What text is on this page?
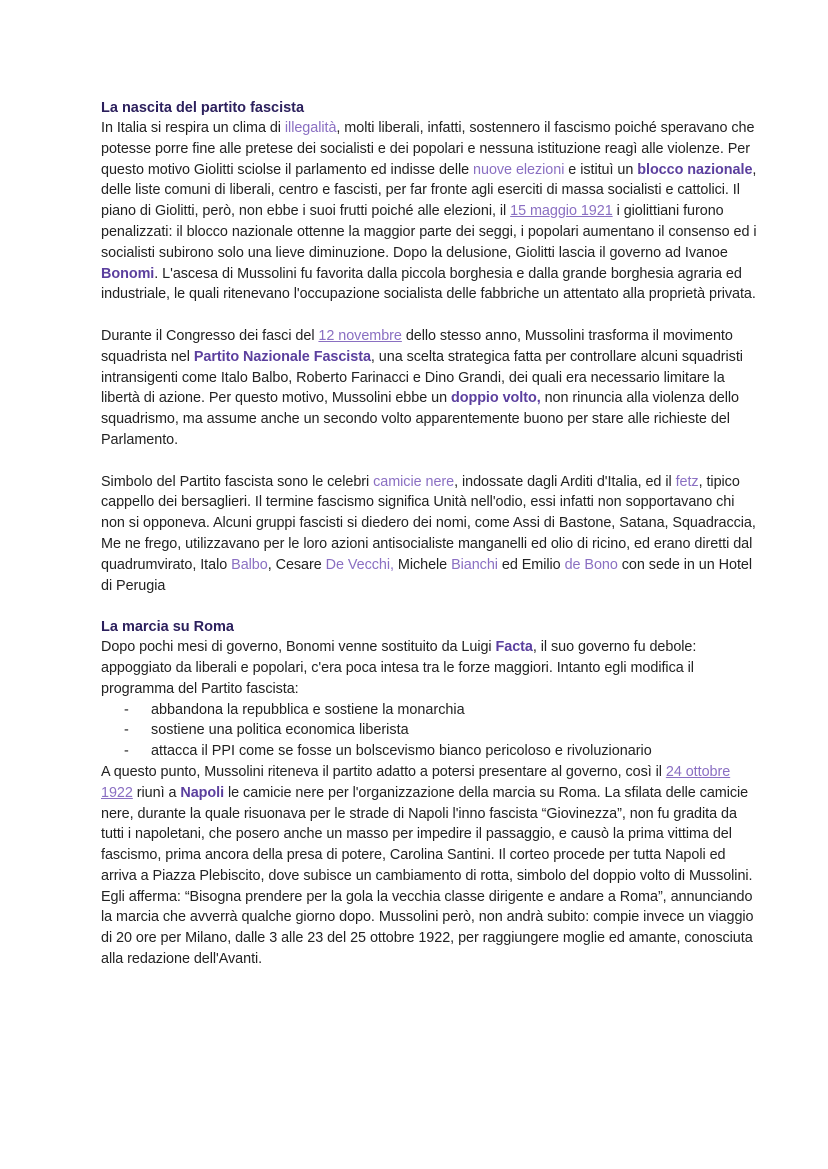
La nascita del partito fascista

In Italia si respira un clima di illegalità, molti liberali, infatti, sostennero il fascismo poiché speravano che potesse porre fine alle pretese dei socialisti e dei popolari e nessuna istituzione reagì alle violenze. Per questo motivo Giolitti sciolse il parlamento ed indisse delle nuove elezioni e istituì un blocco nazionale, delle liste comuni di liberali, centro e fascisti, per far fronte agli eserciti di massa socialisti e cattolici. Il piano di Giolitti, però, non ebbe i suoi frutti poiché alle elezioni, il 15 maggio 1921 i giolittiani furono penalizzati: il blocco nazionale ottenne la maggior parte dei seggi, i popolari aumentano il consenso ed i socialisti subirono solo una lieve diminuzione. Dopo la delusione, Giolitti lascia il governo ad Ivanoe Bonomi. L'ascesa di Mussolini fu favorita dalla piccola borghesia e dalla grande borghesia agraria ed industriale, le quali ritenevano l'occupazione socialista delle fabbriche un attentato alla proprietà privata.

Durante il Congresso dei fasci del 12 novembre dello stesso anno, Mussolini trasforma il movimento squadrista nel Partito Nazionale Fascista, una scelta strategica fatta per controllare alcuni squadristi intransigenti come Italo Balbo, Roberto Farinacci e Dino Grandi, dei quali era necessario limitare la libertà di azione. Per questo motivo, Mussolini ebbe un doppio volto, non rinuncia alla violenza dello squadrismo, ma assume anche un secondo volto apparentemente buono per stare alle richieste del Parlamento.

Simbolo del Partito fascista sono le celebri camicie nere, indossate dagli Arditi d'Italia, ed il fetz, tipico cappello dei bersaglieri. Il termine fascismo significa Unità nell'odio, essi infatti non sopportavano chi non si opponeva. Alcuni gruppi fascisti si diedero dei nomi, come Assi di Bastone, Satana, Squadraccia, Me ne frego, utilizzavano per le loro azioni antisocialiste manganelli ed olio di ricino, ed erano diretti dal quadrumvirato, Italo Balbo, Cesare De Vecchi, Michele Bianchi ed Emilio de Bono con sede in un Hotel di Perugia

La marcia su Roma

Dopo pochi mesi di governo, Bonomi venne sostituito da Luigi Facta, il suo governo fu debole: appoggiato da liberali e popolari, c'era poca intesa tra le forze maggiori. Intanto egli modifica il programma del Partito fascista:

- abbandona la repubblica e sostiene la monarchia
- sostiene una politica economica liberista
- attacca il PPI come se fosse un bolscevismo bianco pericoloso e rivoluzionario

A questo punto, Mussolini riteneva il partito adatto a potersi presentare al governo, così il 24 ottobre 1922 riunì a Napoli le camicie nere per l'organizzazione della marcia su Roma. La sfilata delle camicie nere, durante la quale risuonava per le strade di Napoli l'inno fascista “Giovinezza”, non fu gradita da tutti i napoletani, che posero anche un masso per impedire il passaggio, e causò la prima vittima del fascismo, prima ancora della presa di potere, Carolina Santini. Il corteo procede per tutta Napoli ed arriva a Piazza Plebiscito, dove subisce un cambiamento di rotta, simbolo del doppio volto di Mussolini. Egli afferma: “Bisogna prendere per la gola la vecchia classe dirigente e andare a Roma”, annunciando la marcia che avverrà qualche giorno dopo. Mussolini però, non andrà subito: compie invece un viaggio di 20 ore per Milano, dalle 3 alle 23 del 25 ottobre 1922, per raggiungere moglie ed amante, conosciuta alla redazione dell'Avanti.
